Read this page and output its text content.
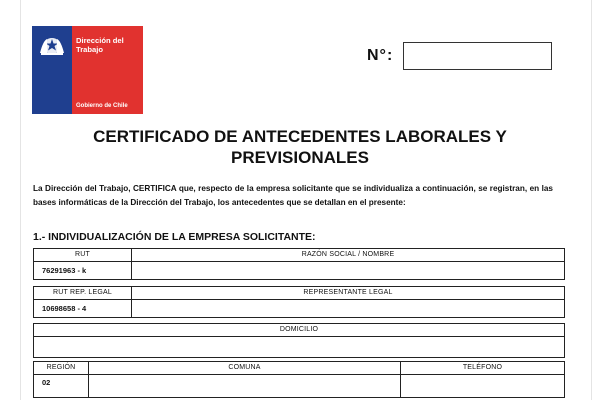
Dirección del
Trabajo
Gobierno de Chile
N°:
CERTIFICADO DE ANTECEDENTES LABORALES Y
PREVISIONALES
La Dirección del Trabajo, CERTIFICA que, respecto de la empresa solicitante que se individualiza a continuación, se registran, en las bases informáticas de la Dirección del Trabajo, los antecedentes que se detallan en el presente:
1.- INDIVIDUALIZACIÓN DE LA EMPRESA SOLICITANTE:
RUT	RAZÓN SOCIAL / NOMBRE
76291963 - k
RUT REP. LEGAL	REPRESENTANTE LEGAL
10698658 - 4
DOMICILIO
REGIÓN	COMUNA	TELÉFONO
02
